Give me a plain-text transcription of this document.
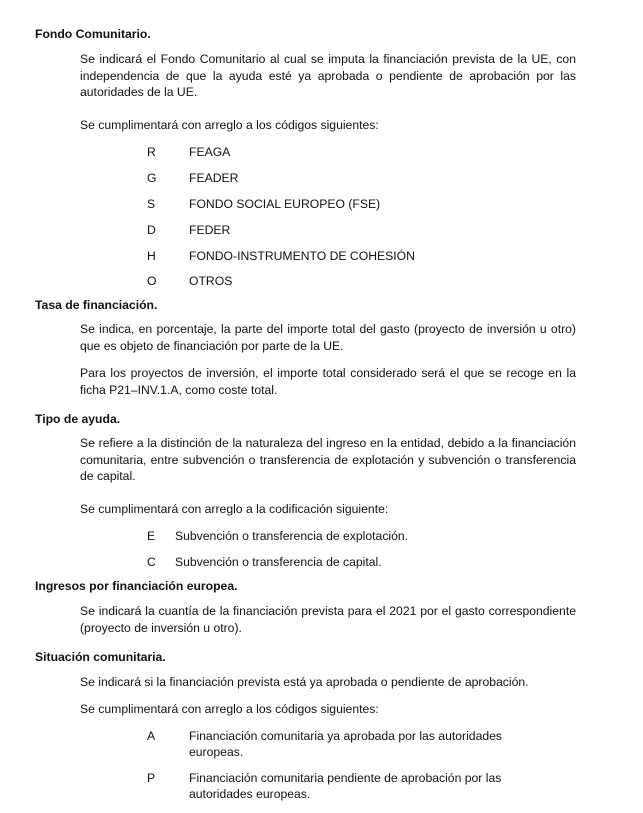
Fondo Comunitario.
Se indicará el Fondo Comunitario al cual se imputa la financiación prevista de la UE, con independencia de que la ayuda esté ya aprobada o pendiente de aprobación por las autoridades de la UE.
Se cumplimentará con arreglo a los códigos siguientes:
R	FEAGA
G	FEADER
S	FONDO SOCIAL EUROPEO (FSE)
D	FEDER
H	FONDO-INSTRUMENTO DE COHESIÓN
O	OTROS
Tasa de financiación.
Se indica, en porcentaje, la parte del importe total del gasto (proyecto de inversión u otro) que es objeto de financiación por parte de la UE.
Para los proyectos de inversión, el importe total considerado será el que se recoge en la ficha P21–INV.1.A, como coste total.
Tipo de ayuda.
Se refiere a la distinción de la naturaleza del ingreso en la entidad, debido a la financiación comunitaria, entre subvención o transferencia de explotación y subvención o transferencia de capital.
Se cumplimentará con arreglo a la codificación siguiente:
E Subvención o transferencia de explotación.
C Subvención o transferencia de capital.
Ingresos por financiación europea.
Se indicará la cuantía de la financiación prevista para el 2021 por el gasto correspondiente (proyecto de inversión u otro).
Situación comunitaria.
Se indicará si la financiación prevista está ya aprobada o pendiente de aprobación.
Se cumplimentará con arreglo a los códigos siguientes:
A	Financiación comunitaria ya aprobada por las autoridades europeas.
P	Financiación comunitaria pendiente de aprobación por las autoridades europeas.
